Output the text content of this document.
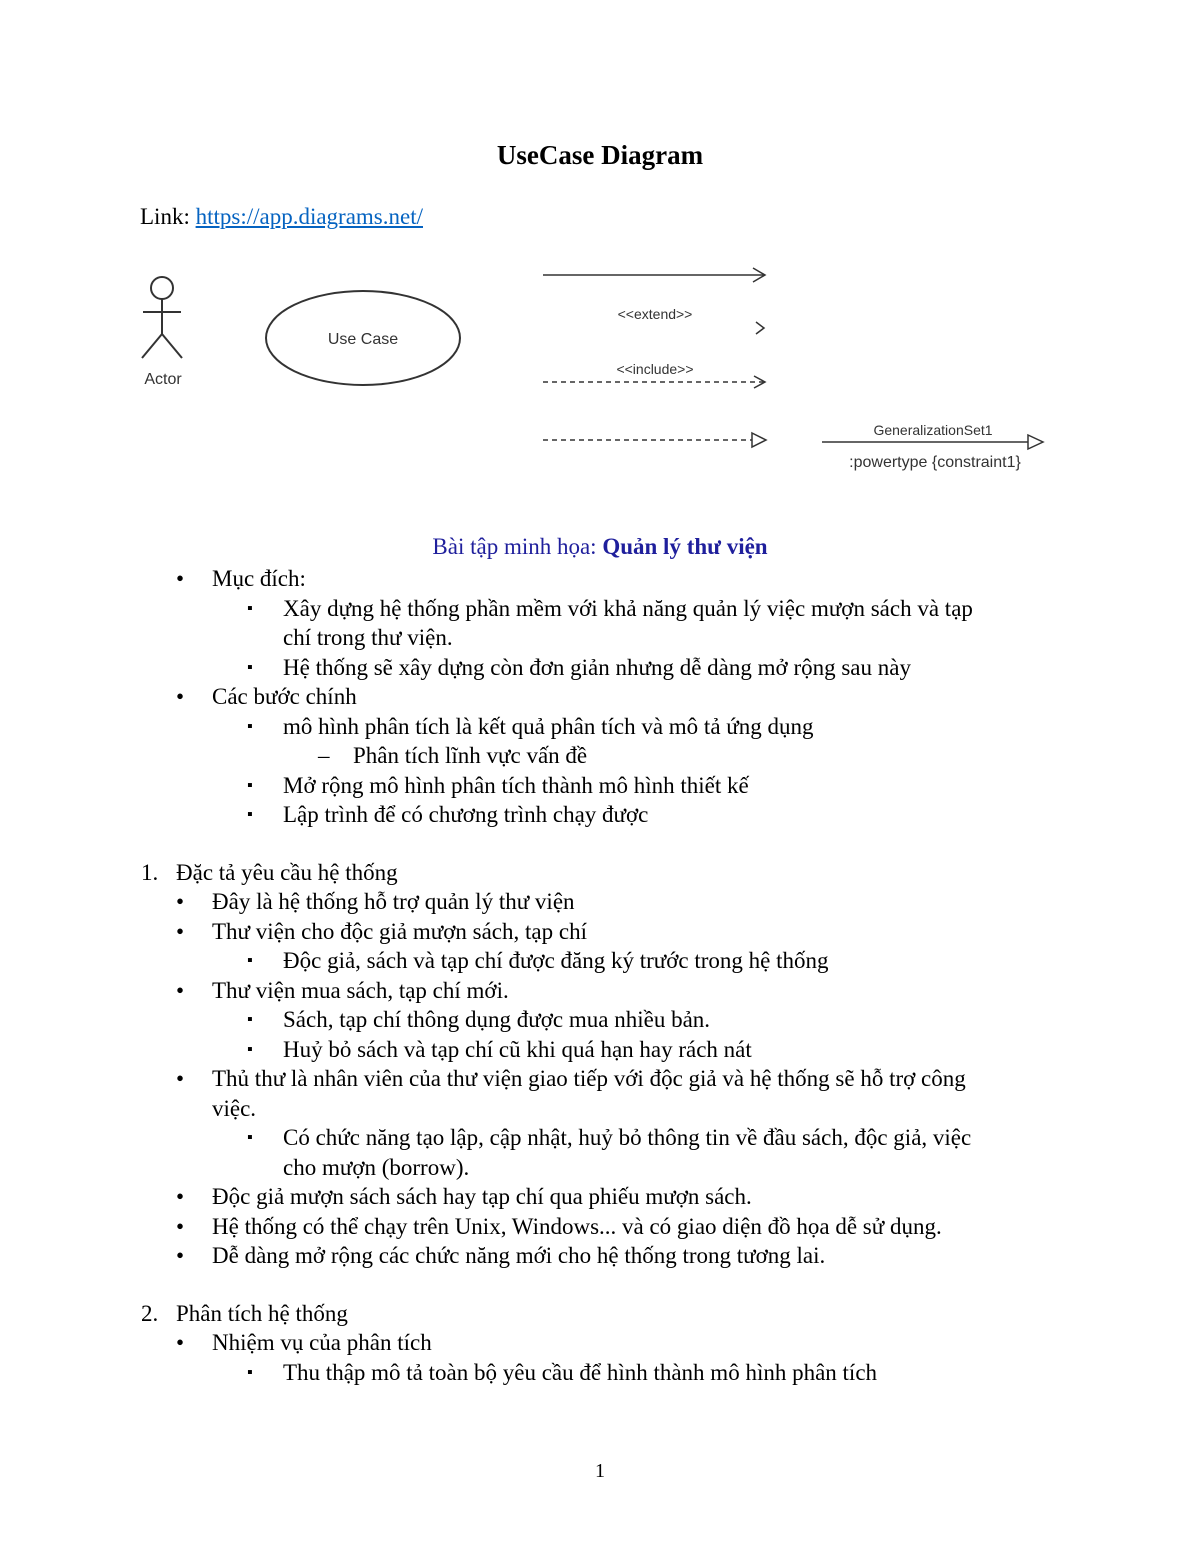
UseCase Diagram
Link: https://app.diagrams.net/
Actor
Use Case
<<extend>>
<<include>>
GeneralizationSet1
:powertype {constraint1}
Bài tập minh họa: Quản lý thư viện
• Mục đích:
▪ Xây dựng hệ thống phần mềm với khả năng quản lý việc mượn sách và tạp
chí trong thư viện.
▪ Hệ thống sẽ xây dựng còn đơn giản nhưng dễ dàng mở rộng sau này
• Các bước chính
▪ mô hình phân tích là kết quả phân tích và mô tả ứng dụng
– Phân tích lĩnh vực vấn đề
▪ Mở rộng mô hình phân tích thành mô hình thiết kế
▪ Lập trình để có chương trình chạy được
1. Đặc tả yêu cầu hệ thống
• Đây là hệ thống hỗ trợ quản lý thư viện
• Thư viện cho độc giả mượn sách, tạp chí
▪ Độc giả, sách và tạp chí được đăng ký trước trong hệ thống
• Thư viện mua sách, tạp chí mới.
▪ Sách, tạp chí thông dụng được mua nhiều bản.
▪ Huỷ bỏ sách và tạp chí cũ khi quá hạn hay rách nát
• Thủ thư là nhân viên của thư viện giao tiếp với độc giả và hệ thống sẽ hỗ trợ công
việc.
▪ Có chức năng tạo lập, cập nhật, huỷ bỏ thông tin về đầu sách, độc giả, việc
cho mượn (borrow).
• Độc giả mượn sách sách hay tạp chí qua phiếu mượn sách.
• Hệ thống có thể chạy trên Unix, Windows... và có giao diện đồ họa dễ sử dụng.
• Dễ dàng mở rộng các chức năng mới cho hệ thống trong tương lai.
2. Phân tích hệ thống
• Nhiệm vụ của phân tích
▪ Thu thập mô tả toàn bộ yêu cầu để hình thành mô hình phân tích
1
